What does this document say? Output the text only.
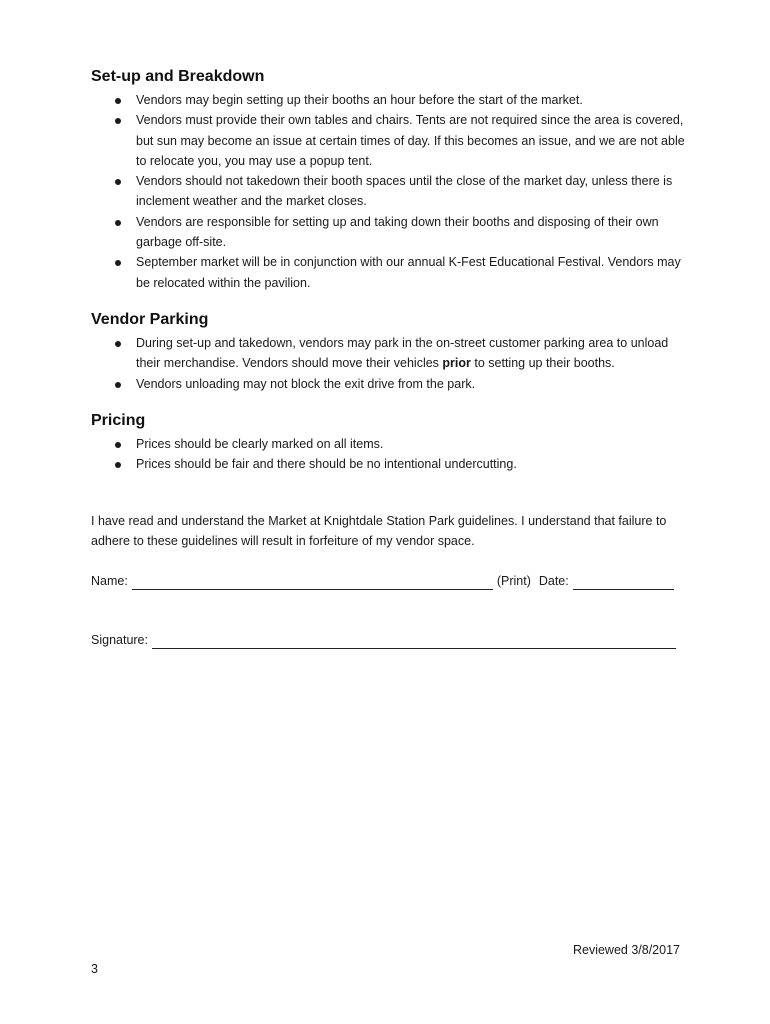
Set-up and Breakdown
Vendors may begin setting up their booths an hour before the start of the market.
Vendors must provide their own tables and chairs. Tents are not required since the area is covered, but sun may become an issue at certain times of day. If this becomes an issue, and we are not able to relocate you, you may use a popup tent.
Vendors should not takedown their booth spaces until the close of the market day, unless there is inclement weather and the market closes.
Vendors are responsible for setting up and taking down their booths and disposing of their own garbage off-site.
September market will be in conjunction with our annual K-Fest Educational Festival. Vendors may be relocated within the pavilion.
Vendor Parking
During set-up and takedown, vendors may park in the on-street customer parking area to unload their merchandise. Vendors should move their vehicles prior to setting up their booths.
Vendors unloading may not block the exit drive from the park.
Pricing
Prices should be clearly marked on all items.
Prices should be fair and there should be no intentional undercutting.

I have read and understand the Market at Knightdale Station Park guidelines. I understand that failure to adhere to these guidelines will result in forfeiture of my vendor space.

Name:	(Print) Date:
Signature:
Reviewed 3/8/2017
3
